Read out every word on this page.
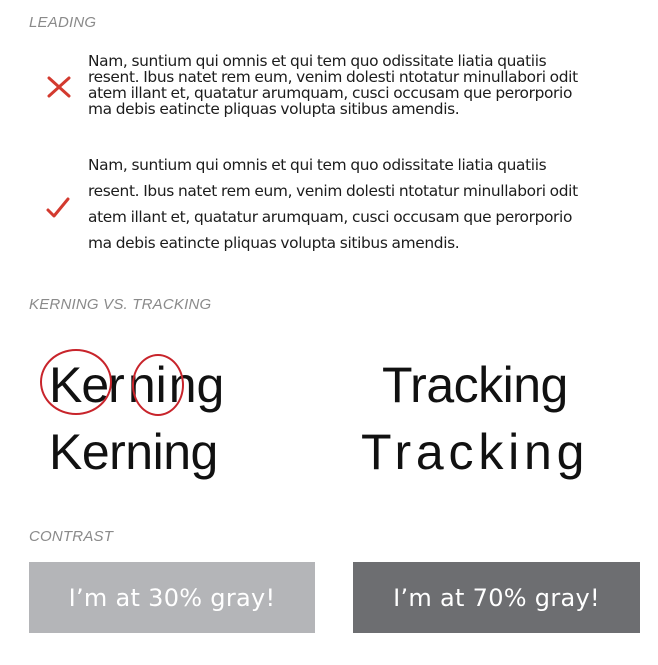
LEADING
Nam, suntium qui omnis et qui tem quo odissitate liatia quatiis
resent. Ibus natet rem eum, venim dolesti ntotatur minullabori odit
atem illant et, quatatur arumquam, cusci occusam que perorporio
ma debis eatincte pliquas volupta sitibus amendis.
Nam, suntium qui omnis et qui tem quo odissitate liatia quatiis
resent. Ibus natet rem eum, venim dolesti ntotatur minullabori odit
atem illant et, quatatur arumquam, cusci occusam que perorporio
ma debis eatincte pliquas volupta sitibus amendis.
KERNING VS. TRACKING
Kerning
Kerning
Tracking
Tracking
CONTRAST
I’m at 30% gray!	I’m at 70% gray!
